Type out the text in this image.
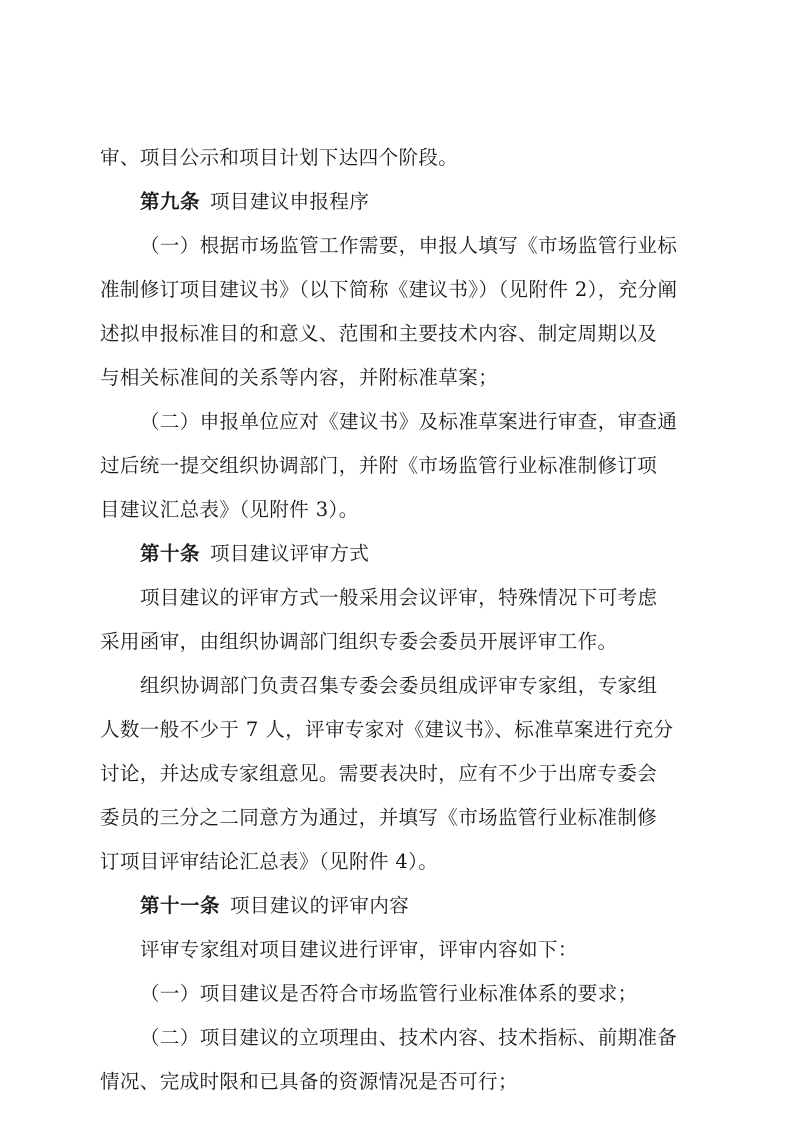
审、项目公示和项目计划下达四个阶段。
第九条 项目建议申报程序
（一）根据市场监管工作需要，申报人填写《市场监管行业标
准制修订项目建议书》（以下简称《建议书》）（见附件 2），充分阐
述拟申报标准目的和意义、范围和主要技术内容、制定周期以及
与相关标准间的关系等内容，并附标准草案；
（二）申报单位应对《建议书》及标准草案进行审查，审查通
过后统一提交组织协调部门，并附《市场监管行业标准制修订项
目建议汇总表》（见附件 3）。
第十条 项目建议评审方式
项目建议的评审方式一般采用会议评审，特殊情况下可考虑
采用函审，由组织协调部门组织专委会委员开展评审工作。
组织协调部门负责召集专委会委员组成评审专家组，专家组
人数一般不少于 7 人，评审专家对《建议书》、标准草案进行充分
讨论，并达成专家组意见。需要表决时，应有不少于出席专委会
委员的三分之二同意方为通过，并填写《市场监管行业标准制修
订项目评审结论汇总表》（见附件 4）。
第十一条 项目建议的评审内容
评审专家组对项目建议进行评审，评审内容如下：
（一）项目建议是否符合市场监管行业标准体系的要求；
（二）项目建议的立项理由、技术内容、技术指标、前期准备
情况、完成时限和已具备的资源情况是否可行；
